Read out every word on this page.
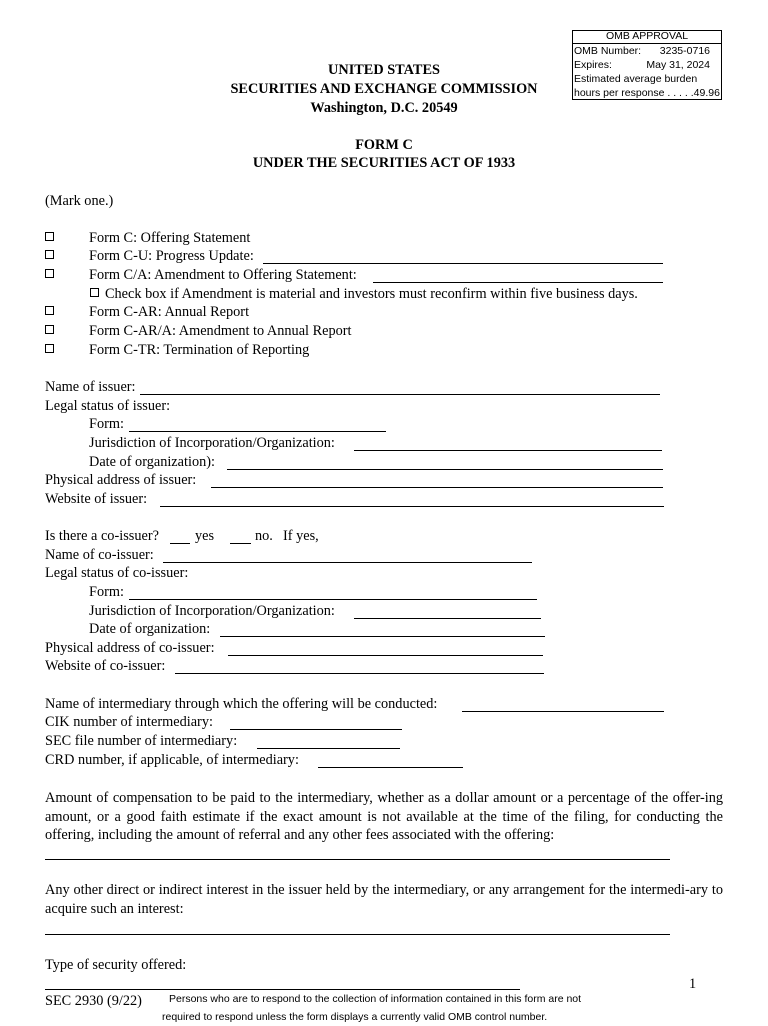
OMB APPROVAL
OMB Number: 3235-0716
Expires:	May 31, 2024
Estimated average burden
hours per response . . . . .49.96
UNITED STATES
SECURITIES AND EXCHANGE COMMISSION
Washington, D.C. 20549
FORM C
UNDER THE SECURITIES ACT OF 1933
(Mark one.)
Form C: Offering Statement
Form C-U: Progress Update:
Form C/A: Amendment to Offering Statement:
Check box if Amendment is material and investors must reconfirm within five business days.
Form C-AR: Annual Report
Form C-AR/A: Amendment to Annual Report
Form C-TR: Termination of Reporting
Name of issuer:
Legal status of issuer:
Form:
Jurisdiction of Incorporation/Organization:
Date of organization):
Physical address of issuer:
Website of issuer:
Is there a co-issuer?	yes	no. If yes,
Name of co-issuer:
Legal status of co-issuer:
Form:
Jurisdiction of Incorporation/Organization:
Date of organization:
Physical address of co-issuer:
Website of co-issuer:
Name of intermediary through which the offering will be conducted:
CIK number of intermediary:
SEC file number of intermediary:
CRD number, if applicable, of intermediary:
Amount of compensation to be paid to the intermediary, whether as a dollar amount or a percentage of the offer-ing amount, or a good faith estimate if the exact amount is not available at the time of the filing, for conducting the offering, including the amount of referral and any other fees associated with the offering:
Any other direct or indirect interest in the issuer held by the intermediary, or any arrangement for the intermedi-ary to acquire such an interest:
Type of security offered:
1
SEC 2930 (9/22)	Persons who are to respond to the collection of information contained in this form are not
required to respond unless the form displays a currently valid OMB control number.
